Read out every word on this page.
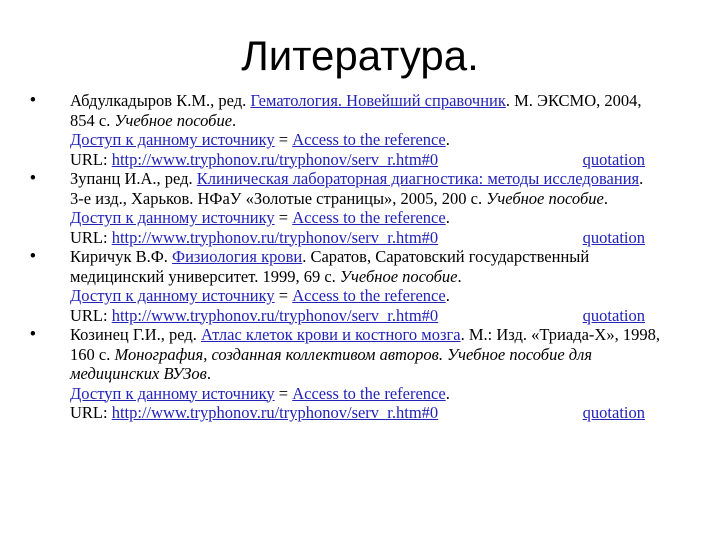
Литература.
•	Абдулкадыров К.М., ред. Гематология. Новейший справочник. М. ЭКСМО, 2004, 854 с. Учебное пособие.
Доступ к данному источнику = Access to the reference.
URL: http://www.tryphonov.ru/tryphonov/serv_r.htm#0	quotation
•	Зупанц И.А., ред. Клиническая лабораторная диагностика: методы исследования. 3-е изд., Харьков. НФаУ «Золотые страницы», 2005, 200 с. Учебное пособие.
Доступ к данному источнику = Access to the reference.
URL: http://www.tryphonov.ru/tryphonov/serv_r.htm#0	quotation
•	Киричук В.Ф. Физиология крови. Саратов, Саратовский государственный медицинский университет. 1999, 69 с. Учебное пособие.
Доступ к данному источнику = Access to the reference.
URL: http://www.tryphonov.ru/tryphonov/serv_r.htm#0	quotation
•	Козинец Г.И., ред. Атлас клеток крови и костного мозга. М.: Изд. «Триада-Х», 1998, 160 с. Монография, созданная коллективом авторов. Учебное пособие для медицинских ВУЗов.
Доступ к данному источнику = Access to the reference.
URL: http://www.tryphonov.ru/tryphonov/serv_r.htm#0	quotation
